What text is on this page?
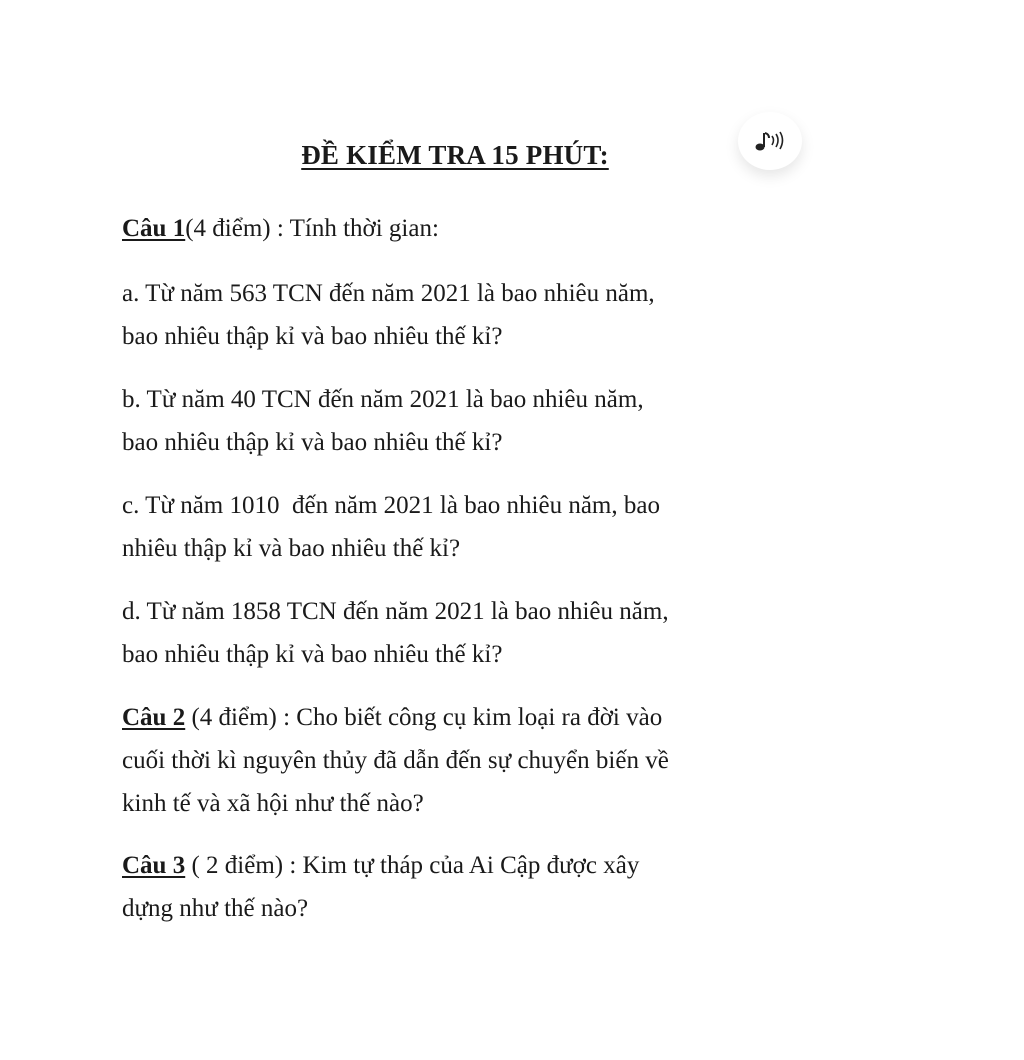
ĐỀ KIỂM TRA 15 PHÚT:

Câu 1(4 điểm) : Tính thời gian:

a. Từ năm 563 TCN đến năm 2021 là bao nhiêu năm,

bao nhiêu thập kỉ và bao nhiêu thế kỉ?

b. Từ năm 40 TCN đến năm 2021 là bao nhiêu năm,

bao nhiêu thập kỉ và bao nhiêu thế kỉ?

c. Từ năm 1010  đến năm 2021 là bao nhiêu năm, bao

nhiêu thập kỉ và bao nhiêu thế kỉ?

d. Từ năm 1858 TCN đến năm 2021 là bao nhiêu năm,

bao nhiêu thập kỉ và bao nhiêu thế kỉ?

Câu 2 (4 điểm) : Cho biết công cụ kim loại ra đời vào

cuối thời kì nguyên thủy đã dẫn đến sự chuyển biến về

kinh tế và xã hội như thế nào?

Câu 3 ( 2 điểm) : Kim tự tháp của Ai Cập được xây

dựng như thế nào?
